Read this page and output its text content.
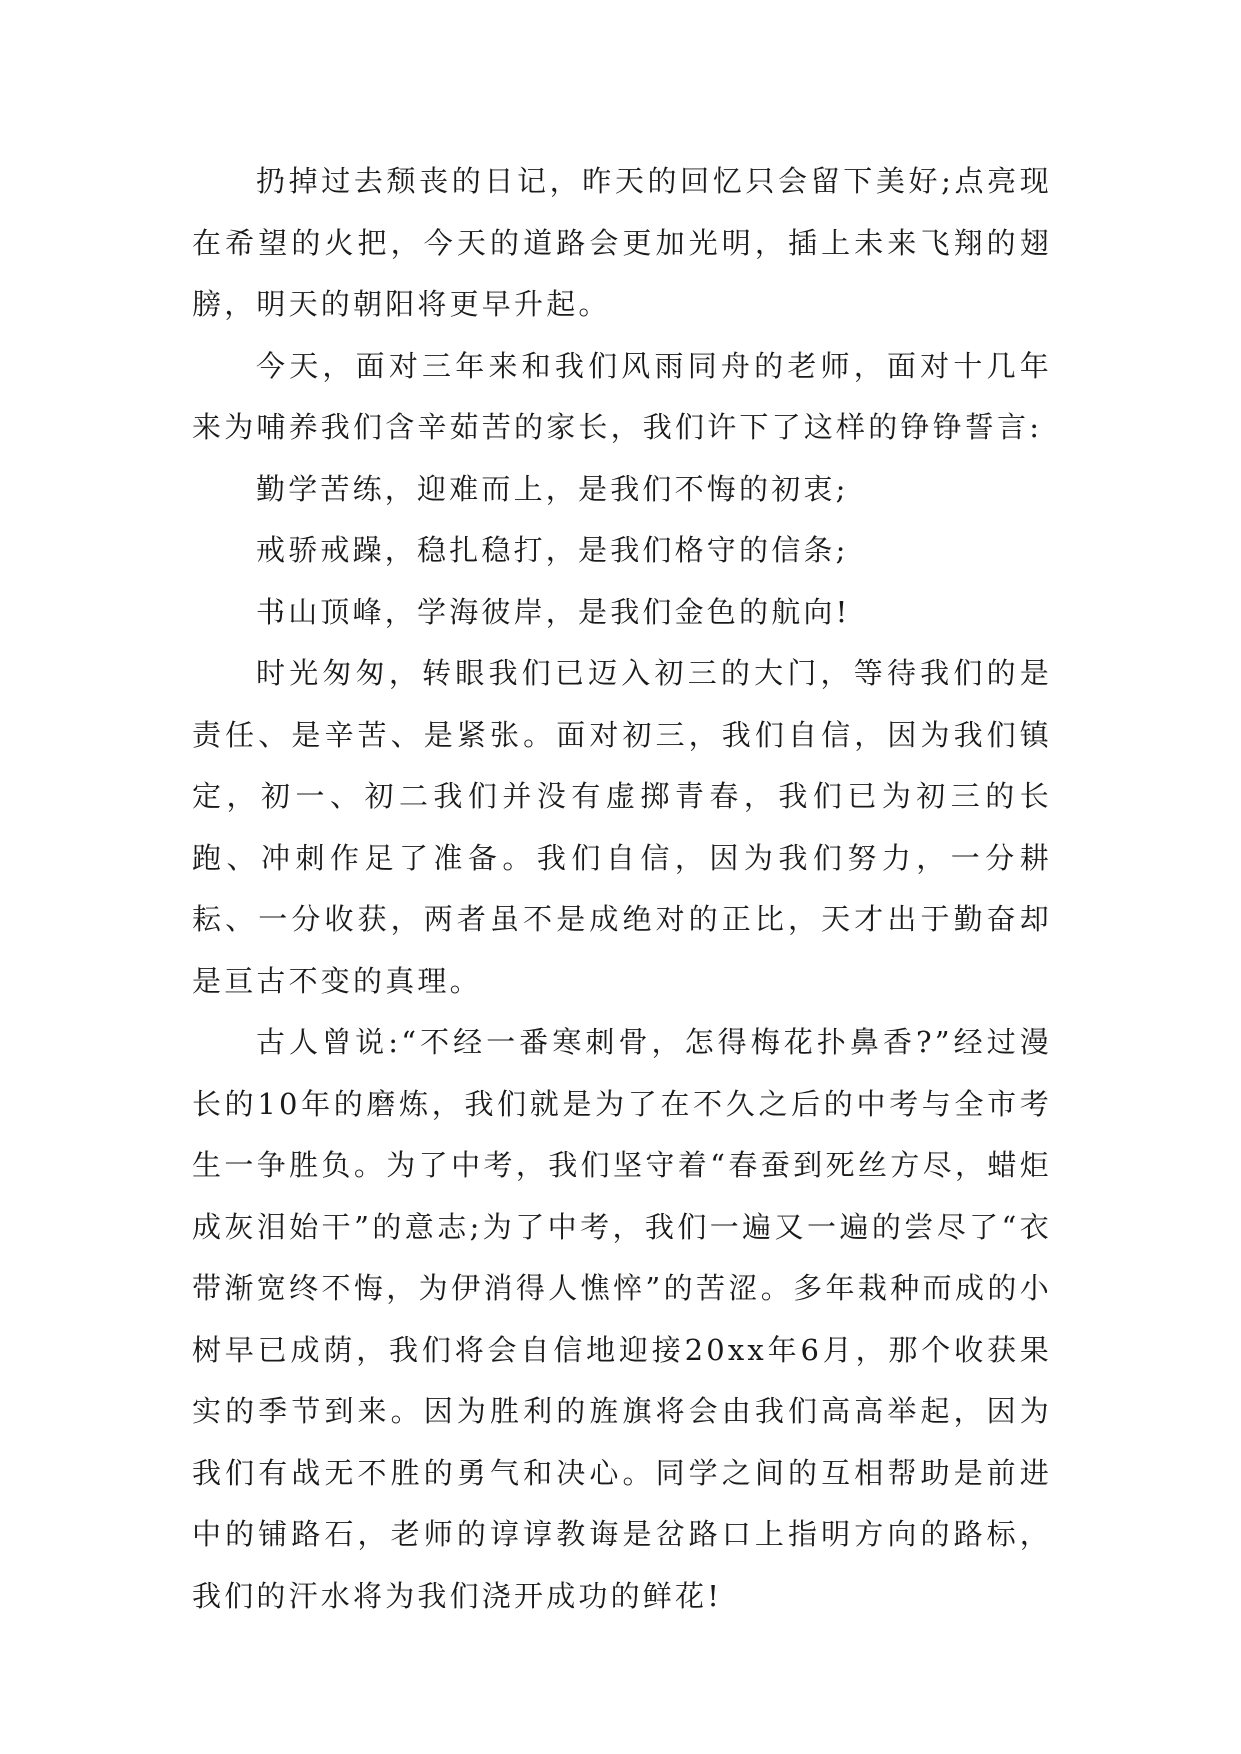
扔掉过去颓丧的日记，昨天的回忆只会留下美好;点亮现在希望的火把，今天的道路会更加光明，插上未来飞翔的翅膀，明天的朝阳将更早升起。

今天，面对三年来和我们风雨同舟的老师，面对十几年来为哺养我们含辛茹苦的家长，我们许下了这样的铮铮誓言:

勤学苦练，迎难而上，是我们不悔的初衷;

戒骄戒躁，稳扎稳打，是我们格守的信条;

书山顶峰，学海彼岸，是我们金色的航向!

时光匆匆，转眼我们已迈入初三的大门，等待我们的是责任、是辛苦、是紧张。面对初三，我们自信，因为我们镇定，初一、初二我们并没有虚掷青春，我们已为初三的长跑、冲刺作足了准备。我们自信，因为我们努力，一分耕耘、一分收获，两者虽不是成绝对的正比，天才出于勤奋却是亘古不变的真理。

古人曾说:“不经一番寒刺骨，怎得梅花扑鼻香?”经过漫长的10年的磨炼，我们就是为了在不久之后的中考与全市考生一争胜负。为了中考，我们坚守着“春蚕到死丝方尽，蜡炬成灰泪始干”的意志;为了中考，我们一遍又一遍的尝尽了“衣带渐宽终不悔，为伊消得人憔悴”的苦涩。多年栽种而成的小树早已成荫，我们将会自信地迎接20xx年6月，那个收获果实的季节到来。因为胜利的旌旗将会由我们高高举起，因为我们有战无不胜的勇气和决心。同学之间的互相帮助是前进中的铺路石，老师的谆谆教诲是岔路口上指明方向的路标，我们的汗水将为我们浇开成功的鲜花!
